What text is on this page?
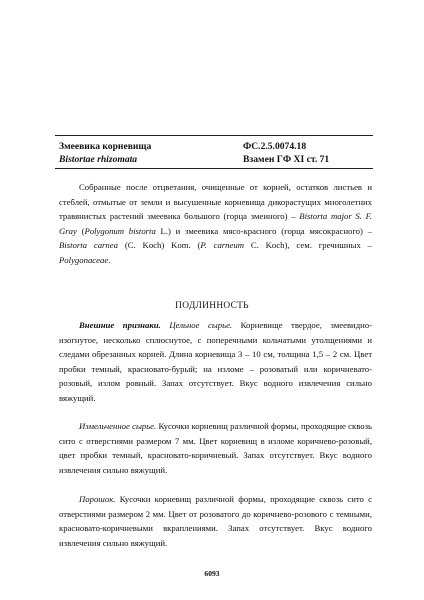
Змеевика корневища	ФС.2.5.0074.18
Bistortae rhizomata	Взамен ГФ XI ст. 71

Собранные после отцветания, очищенные от корней, остатков листьев и стеблей, отмытые от земли и высушенные корневища дикорастущих многолетних травянистых растений змеевика большого (горца змеиного) – Bistorta major S. F. Gray (Polygonum bistorta L.) и змеевика мясо-красного (горца мясокрасного) – Bistorta carnea (C. Koch) Kom. (P. carneum C. Koch), сем. гречишных – Polygonaceae.

ПОДЛИННОСТЬ

Внешние признаки. Цельное сырье. Корневище твердое, змеевидно-изогнутое, несколько сплюснутое, с поперечными кольчатыми утолщениями и следами обрезанных корней. Длина корневища 3 – 10 см, толщина 1,5 – 2 см. Цвет пробки темный, красновато-бурый; на изломе – розоватый или коричневато-розовый, излом ровный. Запах отсутствует. Вкус водного извлечения сильно вяжущий.

Измельченное сырье. Кусочки корневищ различной формы, проходящие сквозь сито с отверстиями размером 7 мм. Цвет корневищ в изломе коричнево-розовый, цвет пробки темный, красновато-коричневый. Запах отсутствует. Вкус водного извлечения сильно вяжущий.

Порошок. Кусочки корневищ различной формы, проходящие сквозь сито с отверстиями размером 2 мм. Цвет от розоватого до коричнево-розового с темными, красновато-коричневыми вкраплениями. Запах отсутствует. Вкус водного извлечения сильно вяжущий.

6093
